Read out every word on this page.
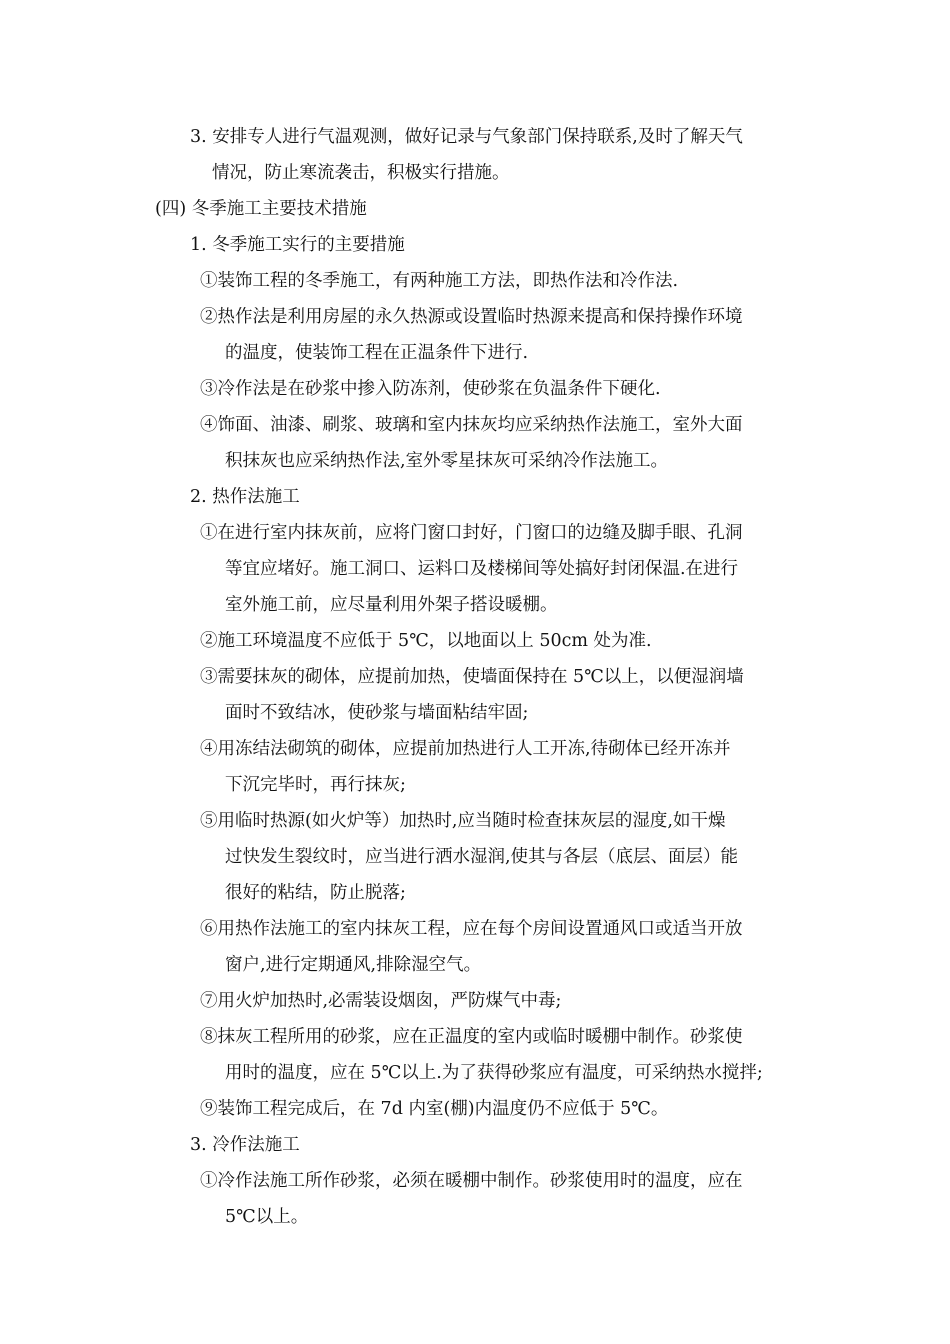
3. 安排专人进行气温观测，做好记录与气象部门保持联系,及时了解天气
情况，防止寒流袭击，积极实行措施。
(四) 冬季施工主要技术措施
1. 冬季施工实行的主要措施
①装饰工程的冬季施工，有两种施工方法，即热作法和冷作法.
②热作法是利用房屋的永久热源或设置临时热源来提高和保持操作环境
的温度，使装饰工程在正温条件下进行.
③冷作法是在砂浆中掺入防冻剂，使砂浆在负温条件下硬化.
④饰面、油漆、刷浆、玻璃和室内抹灰均应采纳热作法施工，室外大面
积抹灰也应采纳热作法,室外零星抹灰可采纳冷作法施工。
2. 热作法施工
①在进行室内抹灰前，应将门窗口封好，门窗口的边缝及脚手眼、孔洞
等宜应堵好。施工洞口、运料口及楼梯间等处搞好封闭保温.在进行
室外施工前，应尽量利用外架子搭设暖棚。
②施工环境温度不应低于 5℃，以地面以上 50cm 处为准.
③需要抹灰的砌体，应提前加热，使墙面保持在 5℃以上，以便湿润墙
面时不致结冰，使砂浆与墙面粘结牢固;
④用冻结法砌筑的砌体，应提前加热进行人工开冻,待砌体已经开冻并
下沉完毕时，再行抹灰;
⑤用临时热源(如火炉等）加热时,应当随时检查抹灰层的湿度,如干燥
过快发生裂纹时，应当进行洒水湿润,使其与各层（底层、面层）能
很好的粘结，防止脱落;
⑥用热作法施工的室内抹灰工程，应在每个房间设置通风口或适当开放
窗户,进行定期通风,排除湿空气。
⑦用火炉加热时,必需装设烟囱，严防煤气中毒;
⑧抹灰工程所用的砂浆，应在正温度的室内或临时暖棚中制作。砂浆使
用时的温度，应在 5℃以上.为了获得砂浆应有温度，可采纳热水搅拌;
⑨装饰工程完成后，在 7d 内室(棚)内温度仍不应低于 5℃。
3. 冷作法施工
①冷作法施工所作砂浆，必须在暖棚中制作。砂浆使用时的温度，应在
5℃以上。
